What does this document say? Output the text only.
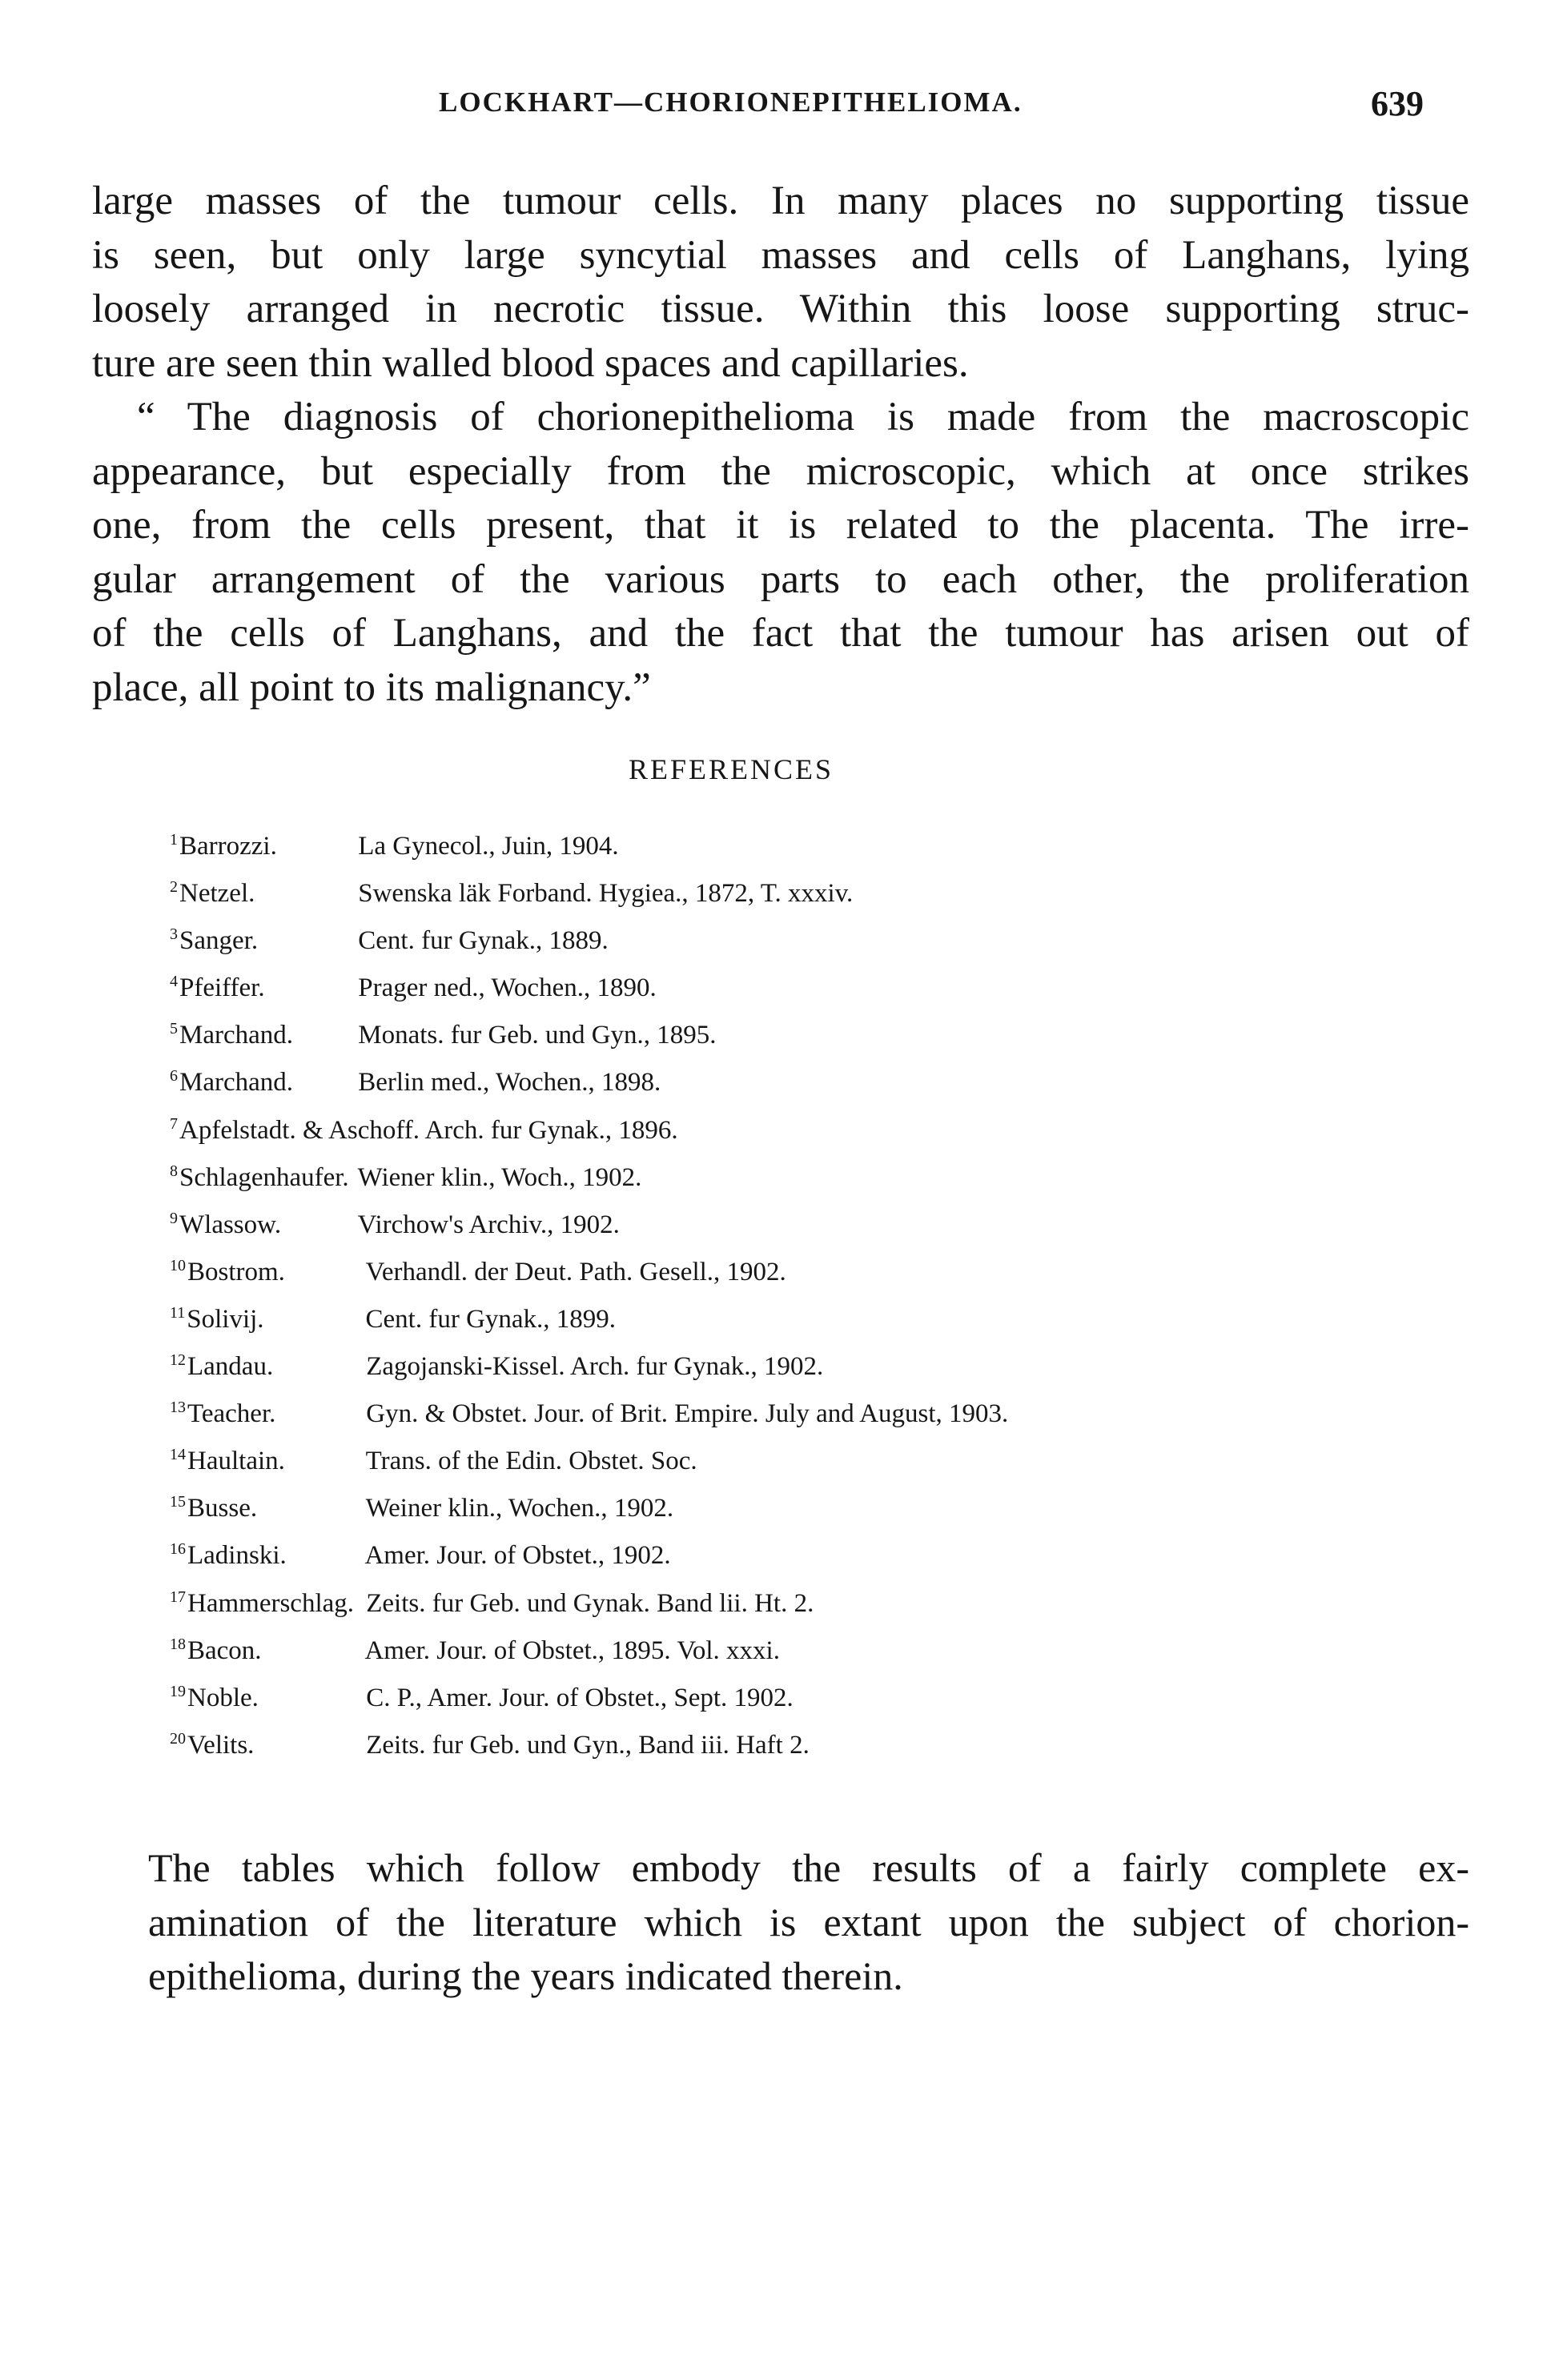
LOCKHART—CHORIONEPITHELIOMA.	639
large masses of the tumour cells. In many places no supporting tissue
is seen, but only large syncytial masses and cells of Langhans, lying
loosely arranged in necrotic tissue. Within this loose supporting struc-
ture are seen thin walled blood spaces and capillaries.
“ The diagnosis of chorionepithelioma is made from the macroscopic
appearance, but especially from the microscopic, which at once strikes
one, from the cells present, that it is related to the placenta. The irre-
gular arrangement of the various parts to each other, the proliferation
of the cells of Langhans, and the fact that the tumour has arisen out of
place, all point to its malignancy.”
REFERENCES
$^1$Barrozzi.	La Gynecol., Juin, 1904.
$^2$Netzel.	Swenska läk Forband. Hygiea., 1872, T. xxxiv.
$^3$Sanger.	Cent. fur Gynak., 1889.
$^4$Pfeiffer.	Prager ned., Wochen., 1890.
$^5$Marchand. Monats. fur Geb. und Gyn., 1895.
$^6$Marchand. Berlin med., Wochen., 1898.
$^7$Apfelstadt. & Aschoff. Arch. fur Gynak., 1896.
$^8$Schlagenhaufer. Wiener klin., Woch., 1902.
$^9$Wlassow.	Virchow's Archiv., 1902.
$^{10}$Bostrom.	Verhandl. der Deut. Path. Gesell., 1902.
$^{11}$Solivij.	Cent. fur Gynak., 1899.
$^{12}$Landau.	Zagojanski-Kissel. Arch. fur Gynak., 1902.
$^{13}$Teacher.	Gyn. & Obstet. Jour. of Brit. Empire. July and August, 1903.
$^{14}$Haultain.	Trans. of the Edin. Obstet. Soc.
$^{15}$Busse.	Weiner klin., Wochen., 1902.
$^{16}$Ladinski.	Amer. Jour. of Obstet., 1902.
$^{17}$Hammerschlag. Zeits. fur Geb. und Gynak. Band lii. Ht. 2.
$^{18}$Bacon.	Amer. Jour. of Obstet., 1895. Vol. xxxi.
$^{19}$Noble.	C. P., Amer. Jour. of Obstet., Sept. 1902.
$^{20}$Velits.	Zeits. fur Geb. und Gyn., Band iii. Haft 2.
The tables which follow embody the results of a fairly complete ex-
amination of the literature which is extant upon the subject of chorion-
epithelioma, during the years indicated therein.
